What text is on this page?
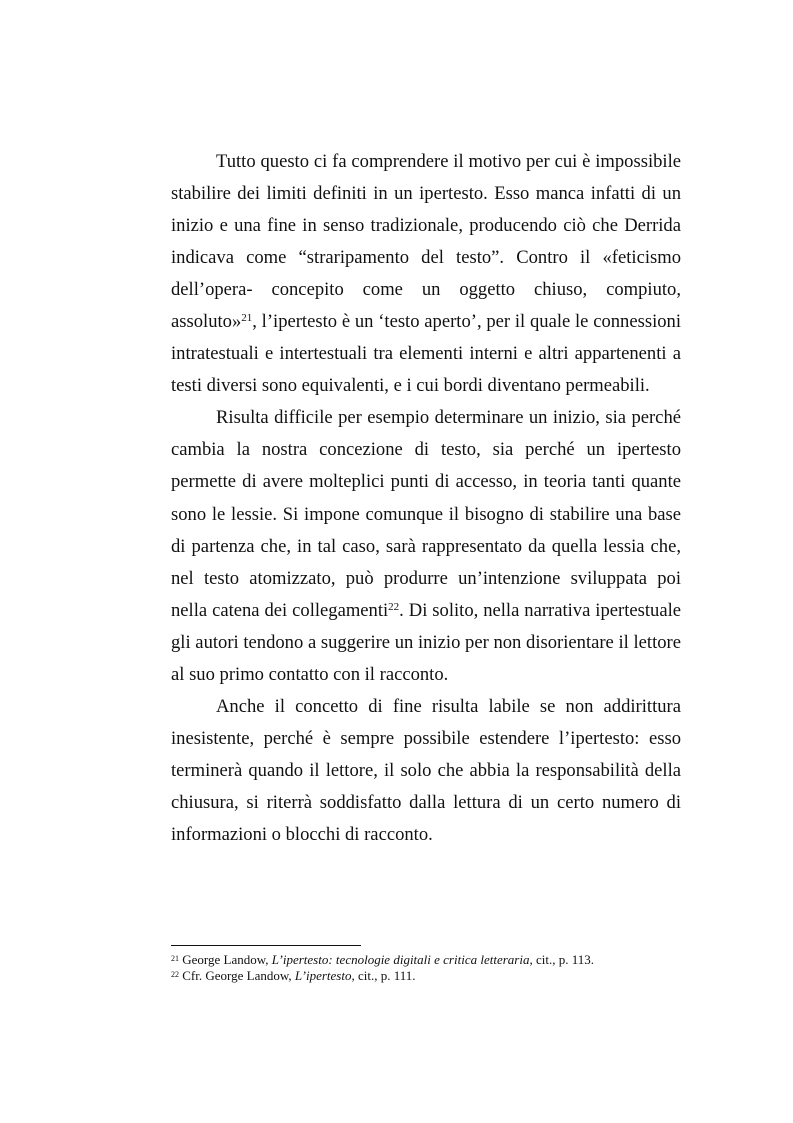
Tutto questo ci fa comprendere il motivo per cui è impossibile stabilire dei limiti definiti in un ipertesto. Esso manca infatti di un inizio e una fine in senso tradizionale, producendo ciò che Derrida indicava come “straripamento del testo”. Contro il «feticismo dell’opera- concepito come un oggetto chiuso, compiuto, assoluto»$^{21}$, l’ipertesto è un ‘testo aperto’, per il quale le connessioni intratestuali e intertestuali tra elementi interni e altri appartenenti a testi diversi sono equivalenti, e i cui bordi diventano permeabili.

Risulta difficile per esempio determinare un inizio, sia perché cambia la nostra concezione di testo, sia perché un ipertesto permette di avere molteplici punti di accesso, in teoria tanti quante sono le lessie. Si impone comunque il bisogno di stabilire una base di partenza che, in tal caso, sarà rappresentato da quella lessia che, nel testo atomizzato, può produrre un’intenzione sviluppata poi nella catena dei collegamenti$^{22}$. Di solito, nella narrativa ipertestuale gli autori tendono a suggerire un inizio per non disorientare il lettore al suo primo contatto con il racconto.

Anche il concetto di fine risulta labile se non addirittura inesistente, perché è sempre possibile estendere l’ipertesto: esso terminerà quando il lettore, il solo che abbia la responsabilità della chiusura, si riterrà soddisfatto dalla lettura di un certo numero di informazioni o blocchi di racconto.

$^{21}$ George Landow, L’ipertesto: tecnologie digitali e critica letteraria, cit., p. 113.
$^{22}$ Cfr. George Landow, L’ipertesto, cit., p. 111.
